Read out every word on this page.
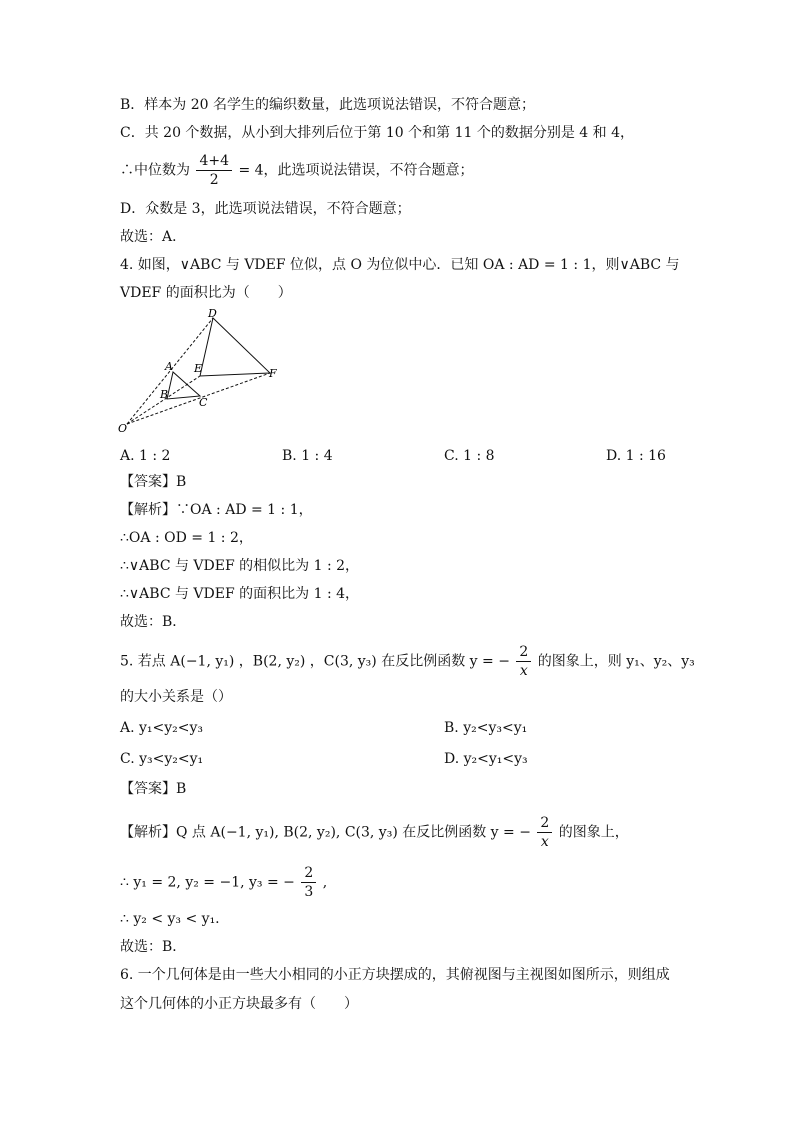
B．样本为 20 名学生的编织数量，此选项说法错误，不符合题意；
C．共 20 个数据，从小到大排列后位于第 10 个和第 11 个的数据分别是 4 和 4，
∴中位数为 $\frac{4+4}{2} = 4$，此选项说法错误，不符合题意；
D．众数是 3，此选项说法错误，不符合题意；
故选：A．
4. 如图，∨ABC 与 VDEF 位似，点 O 为位似中心．已知 OA : AD = 1 : 1，则∨ABC 与
VDEF 的面积比为（　　）
D
A E	F
B
C
O
A. 1 : 2	B. 1 : 4	C. 1 : 8	D. 1 : 16
【答案】B
【解析】∵OA : AD = 1 : 1，
∴OA : OD = 1 : 2，
∴∨ABC 与 VDEF 的相似比为 1 : 2，
∴∨ABC 与 VDEF 的面积比为 1 : 4，
故选：B．
5. 若点 A(−1, y₁) ，B(2, y₂) ，C(3, y₃) 在反比例函数 y = − $\frac{2}{x}$ 的图象上，则 y₁、y₂、y₃
的大小关系是（）
A. y₁<y₂<y₃	B. y₂<y₃<y₁
C. y₃<y₂<y₁	D. y₂<y₁<y₃
【答案】B
【解析】Q 点 A(−1, y₁), B(2, y₂), C(3, y₃) 在反比例函数 y = − $\frac{2}{x}$ 的图象上，
∴ y₁ = 2, y₂ = −1, y₃ = − $\frac{2}{3}$ ,
∴ y₂ < y₃ < y₁.
故选：B．
6. 一个几何体是由一些大小相同的小正方块摆成的，其俯视图与主视图如图所示，则组成
这个几何体的小正方块最多有（　　）
